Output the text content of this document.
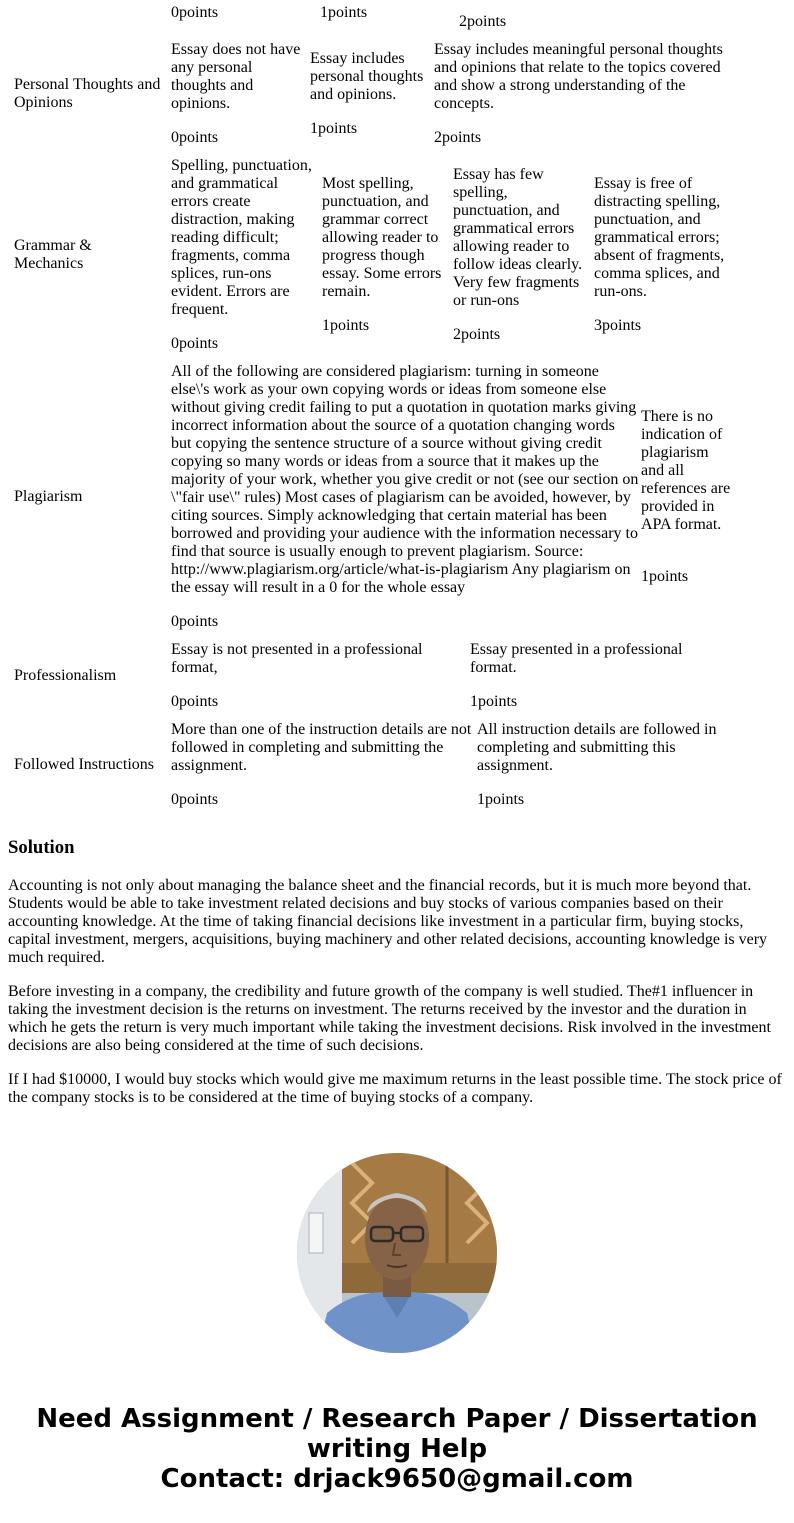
0points	1points
2points
Personal Thoughts and Opinions
Essay does not have any personal thoughts and opinions.
0points
Essay includes personal thoughts and opinions.
1points
Essay includes meaningful personal thoughts and opinions that relate to the topics covered and show a strong understanding of the concepts.
2points
Grammar & Mechanics
Spelling, punctuation, and grammatical errors create distraction, making reading difficult; fragments, comma splices, run-ons evident. Errors are frequent.
0points
Most spelling, punctuation, and grammar correct allowing reader to progress though essay. Some errors remain.
1points
Essay has few spelling, punctuation, and grammatical errors allowing reader to follow ideas clearly. Very few fragments or run-ons
2points
Essay is free of distracting spelling, punctuation, and grammatical errors; absent of fragments, comma splices, and run-ons.
3points
Plagiarism
All of the following are considered plagiarism: turning in someone else\'s work as your own copying words or ideas from someone else without giving credit failing to put a quotation in quotation marks giving incorrect information about the source of a quotation changing words but copying the sentence structure of a source without giving credit copying so many words or ideas from a source that it makes up the majority of your work, whether you give credit or not (see our section on \"fair use\" rules) Most cases of plagiarism can be avoided, however, by citing sources. Simply acknowledging that certain material has been borrowed and providing your audience with the information necessary to find that source is usually enough to prevent plagiarism. Source: http://www.plagiarism.org/article/what-is-plagiarism Any plagiarism on the essay will result in a 0 for the whole essay
0points
There is no indication of plagiarism and all references are provided in APA format.
1points
Professionalism
Essay is not presented in a professional format,
0points
Essay presented in a professional format.
1points
Followed Instructions
More than one of the instruction details are not followed in completing and submitting the assignment.
0points
All instruction details are followed in completing and submitting this assignment.
1points
Solution

Accounting is not only about managing the balance sheet and the financial records, but it is much more beyond that. Students would be able to take investment related decisions and buy stocks of various companies based on their accounting knowledge. At the time of taking financial decisions like investment in a particular firm, buying stocks, capital investment, mergers, acquisitions, buying machinery and other related decisions, accounting knowledge is very much required.

Before investing in a company, the credibility and future growth of the company is well studied. The#1 influencer in taking the investment decision is the returns on investment. The returns received by the investor and the duration in which he gets the return is very much important while taking the investment decisions. Risk involved in the investment decisions are also being considered at the time of such decisions.

If I had $10000, I would buy stocks which would give me maximum returns in the least possible time. The stock price of the company stocks is to be considered at the time of buying stocks of a company.

Need Assignment / Research Paper / Dissertation
writing Help
Contact: drjack9650@gmail.com
